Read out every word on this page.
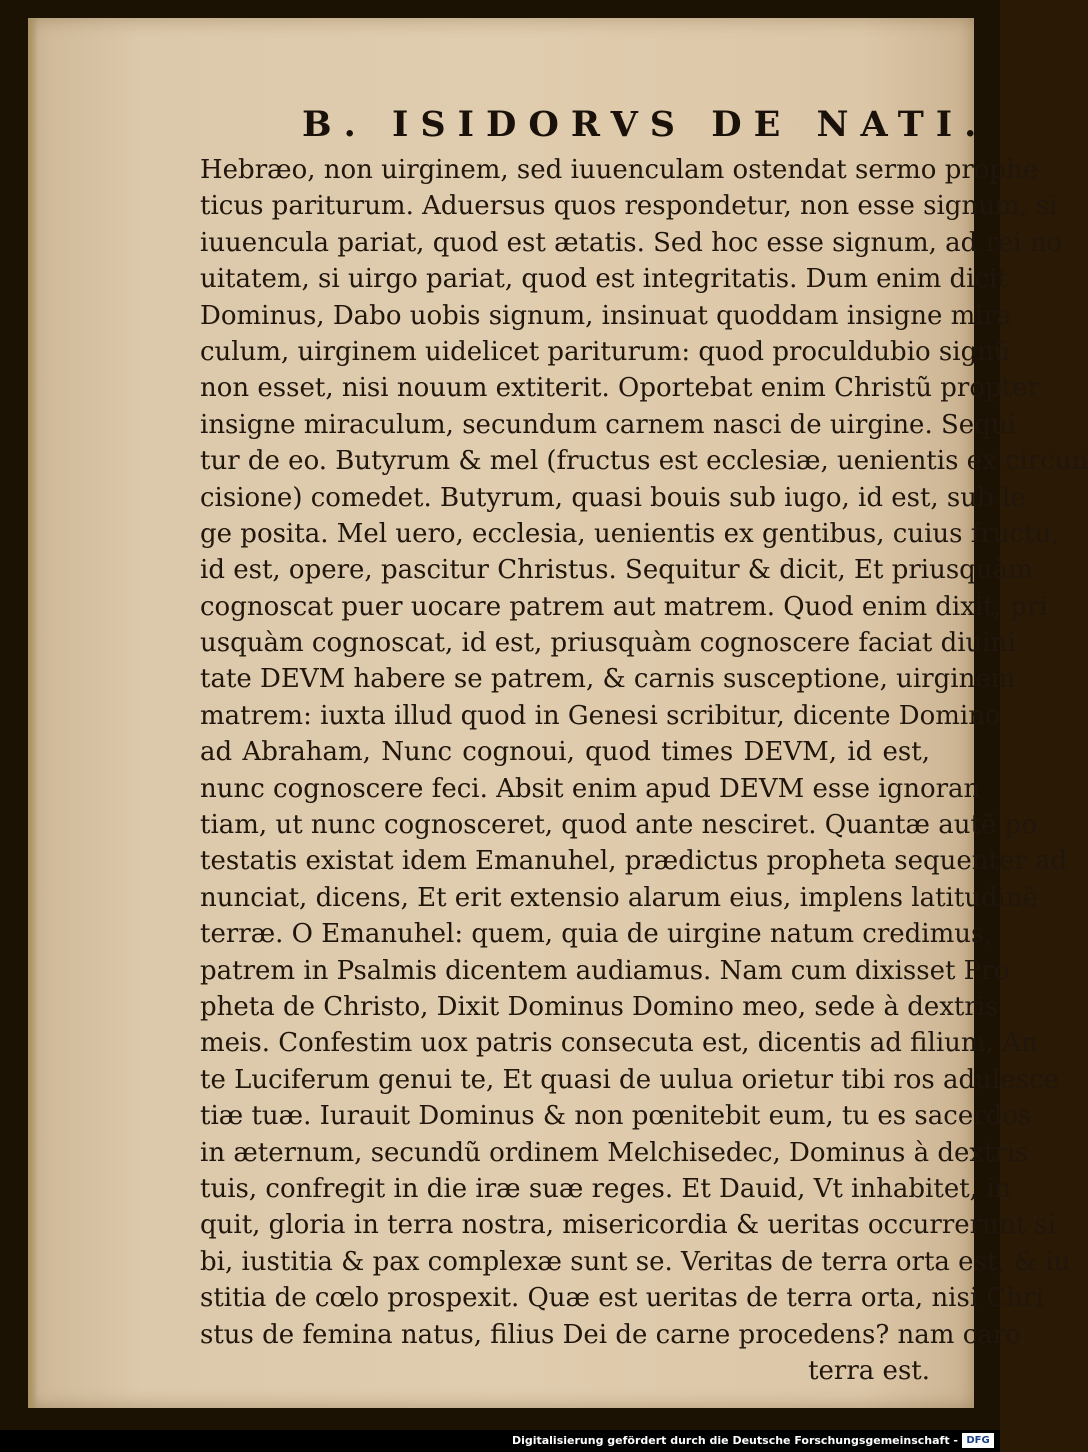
B. ISIDORVS DE NATI.
Hebræo, non uirginem, sed iuuenculam ostendat sermo prophe
ticus pariturum. Aduersus quos respondetur, non esse signum, si
iuuencula pariat, quod est ætatis. Sed hoc esse signum, ad rei no
uitatem, si uirgo pariat, quod est integritatis. Dum enim dicit
Dominus, Dabo uobis signum, insinuat quoddam insigne mira
culum, uirginem uidelicet pariturum: quod proculdubio signũ
non esset, nisi nouum extiterit. Oportebat enim Christũ propter
insigne miraculum, secundum carnem nasci de uirgine. Sequi
tur de eo. Butyrum & mel (fructus est ecclesiæ, uenientis ex circun
cisione) comedet. Butyrum, quasi bouis sub iugo, id est, sub le
ge posita. Mel uero, ecclesia, uenientis ex gentibus, cuius fructu,
id est, opere, pascitur Christus. Sequitur & dicit, Et priusquàm
cognoscat puer uocare patrem aut matrem. Quod enim dixit, pri
usquàm cognoscat, id est, priusquàm cognoscere faciat diuini
tate DEVM habere se patrem, & carnis susceptione, uirginem
matrem: iuxta illud quod in Genesi scribitur, dicente Domino
ad Abraham, Nunc cognoui, quod times DEVM, id est,
nunc cognoscere feci. Absit enim apud DEVM esse ignoran
tiam, ut nunc cognosceret, quod ante nesciret. Quantæ autẽ po
testatis existat idem Emanuhel, prædictus propheta sequenter ad
nunciat, dicens, Et erit extensio alarum eius, implens latitudinẽ
terræ. O Emanuhel: quem, quia de uirgine natum credimus,
patrem in Psalmis dicentem audiamus. Nam cum dixisset Pro
pheta de Christo, Dixit Dominus Domino meo, sede à dextris
meis. Confestim uox patris consecuta est, dicentis ad filium, An
te Luciferum genui te, Et quasi de uulua orietur tibi ros adulesce
tiæ tuæ. Iurauit Dominus & non pœnitebit eum, tu es sacerdos
in æternum, secundũ ordinem Melchisedec, Dominus à dextris
tuis, confregit in die iræ suæ reges. Et Dauid, Vt inhabitet, in
quit, gloria in terra nostra, misericordia & ueritas occurrerunt si
bi, iustitia & pax complexæ sunt se. Veritas de terra orta est, & iu
stitia de cœlo prospexit. Quæ est ueritas de terra orta, nisi Chri
stus de femina natus, filius Dei de carne procedens? nam caro
terra est.
Digitalisierung gefördert durch die Deutsche Forschungsgemeinschaft - DFG
